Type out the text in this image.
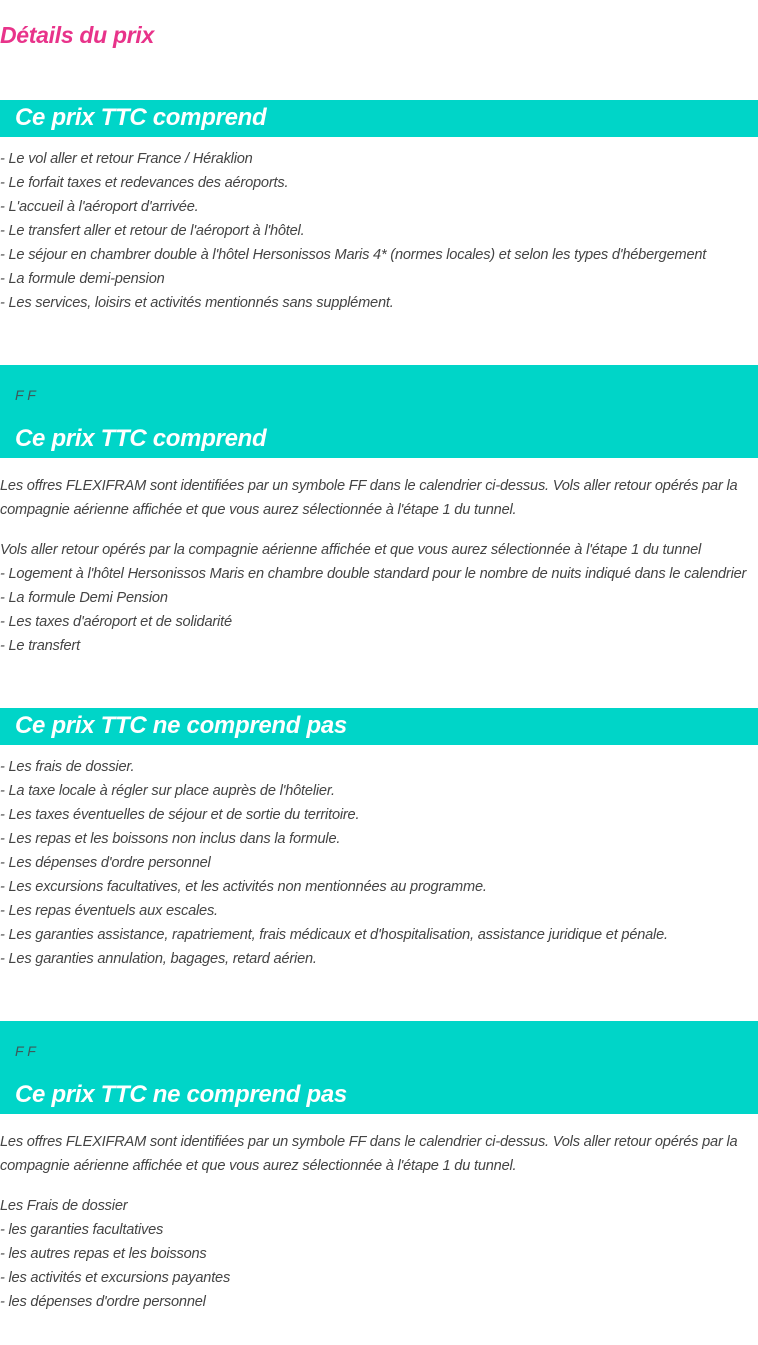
Détails du prix
Ce prix TTC comprend
- Le vol aller et retour France / Héraklion
- Le forfait taxes et redevances des aéroports.
- L'accueil à l'aéroport d'arrivée.
- Le transfert aller et retour de l'aéroport à l'hôtel.
- Le séjour en chambrer double à l'hôtel Hersonissos Maris 4* (normes locales) et selon les types d'hébergement
- La formule demi-pension
- Les services, loisirs et activités mentionnés sans supplément.
F F
Ce prix TTC comprend

Les offres FLEXIFRAM sont identifiées par un symbole FF dans le calendrier ci-dessus. Vols aller retour opérés par la compagnie aérienne affichée et que vous aurez sélectionnée à l'étape 1 du tunnel.

Vols aller retour opérés par la compagnie aérienne affichée et que vous aurez sélectionnée à l'étape 1 du tunnel
- Logement à l'hôtel Hersonissos Maris en chambre double standard pour le nombre de nuits indiqué dans le calendrier
- La formule Demi Pension
- Les taxes d'aéroport et de solidarité
- Le transfert
Ce prix TTC ne comprend pas
- Les frais de dossier.
- La taxe locale à régler sur place auprès de l'hôtelier.
- Les taxes éventuelles de séjour et de sortie du territoire.
- Les repas et les boissons non inclus dans la formule.
- Les dépenses d'ordre personnel
- Les excursions facultatives, et les activités non mentionnées au programme.
- Les repas éventuels aux escales.
- Les garanties assistance, rapatriement, frais médicaux et d'hospitalisation, assistance juridique et pénale.
- Les garanties annulation, bagages, retard aérien.
F F
Ce prix TTC ne comprend pas

Les offres FLEXIFRAM sont identifiées par un symbole FF dans le calendrier ci-dessus. Vols aller retour opérés par la compagnie aérienne affichée et que vous aurez sélectionnée à l'étape 1 du tunnel.

Les Frais de dossier
- les garanties facultatives
- les autres repas et les boissons
- les activités et excursions payantes
- les dépenses d'ordre personnel
